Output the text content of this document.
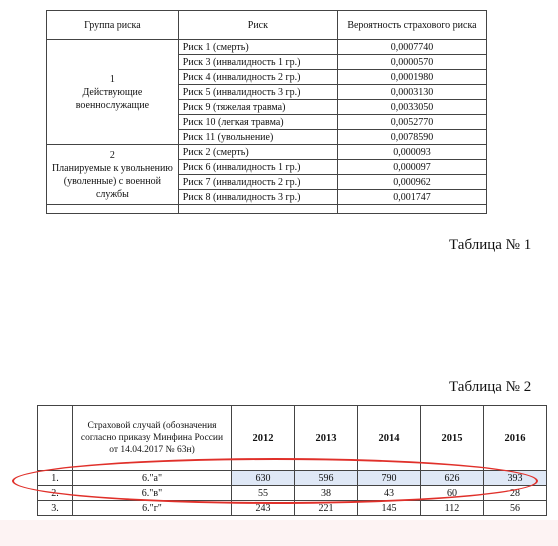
Группа риска	Риск	Вероятность страхового риска

1
Действующие военнослужащие	Риск 1 (смерть)	0,0007740
	Риск 3 (инвалидность 1 гр.)	0,0000570
	Риск 4 (инвалидность 2 гр.)	0,0001980
	Риск 5 (инвалидность 3 гр.)	0,0003130
	Риск 9 (тяжелая травма)	0,0033050
	Риск 10 (легкая травма)	0,0052770
	Риск 11 (увольнение)	0,0078590

2
Планируемые к увольнению (уволенные) с военной службы	Риск 2 (смерть)	0,000093
	Риск 6 (инвалидность 1 гр.)	0,000097
	Риск 7 (инвалидность 2 гр.)	0,000962
	Риск 8 (инвалидность 3 гр.)	0,001747

Таблица № 1
Таблица № 2

	Страховой случай (обозначения согласно приказу Минфина России от 14.04.2017 № 63н)	2012	2013	2014	2015	2016
1.	6."а"	630	596	790	626	393
2.	6."в"	55	38	43	60	28
3.	6."г"	243	221	145	112	56
